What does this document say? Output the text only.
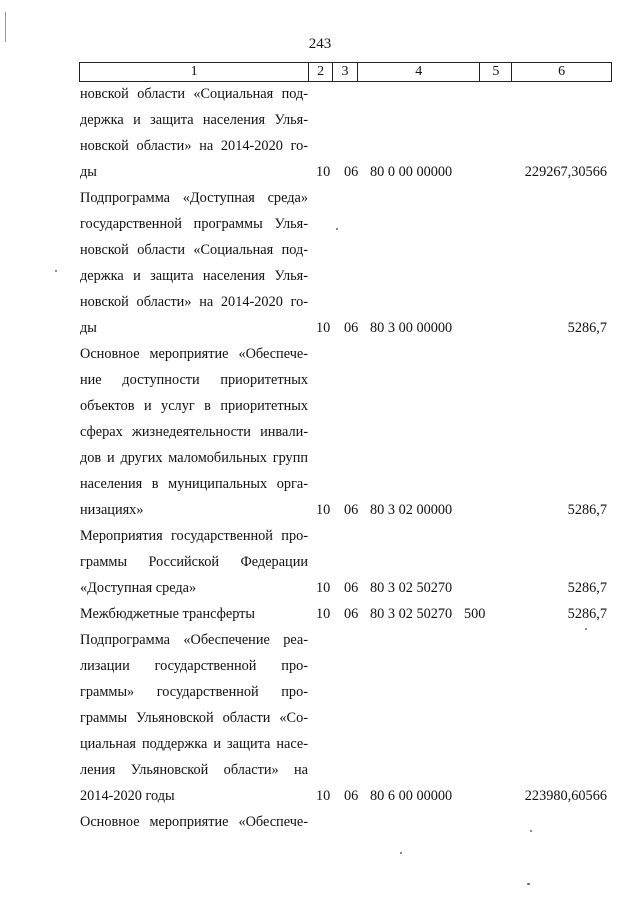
243
1	2	3	4	5	6
новской области «Социальная под-
держка и защита населения Улья-
новской области» на 2014-2020 го-
ды	10 06 80 0 00 00000	229267,30566
Подпрограмма «Доступная среда»
государственной программы Улья-
новской области «Социальная под-
держка и защита населения Улья-
новской области» на 2014-2020 го-
ды	10 06 80 3 00 00000	5286,7
Основное мероприятие «Обеспече-
ние доступности приоритетных
объектов и услуг в приоритетных
сферах жизнедеятельности инвали-
дов и других маломобильных групп
населения в муниципальных орга-
низациях»	10 06 80 3 02 00000	5286,7
Мероприятия государственной про-
граммы Российской Федерации
«Доступная среда»	10 06 80 3 02 50270	5286,7
Межбюджетные трансферты	10 06 80 3 02 50270 500	5286,7
Подпрограмма «Обеспечение реа-
лизации государственной про-
граммы» государственной про-
граммы Ульяновской области «Со-
циальная поддержка и защита насе-
ления Ульяновской области» на
2014-2020 годы	10 06 80 6 00 00000	223980,60566
Основное мероприятие «Обеспече-
